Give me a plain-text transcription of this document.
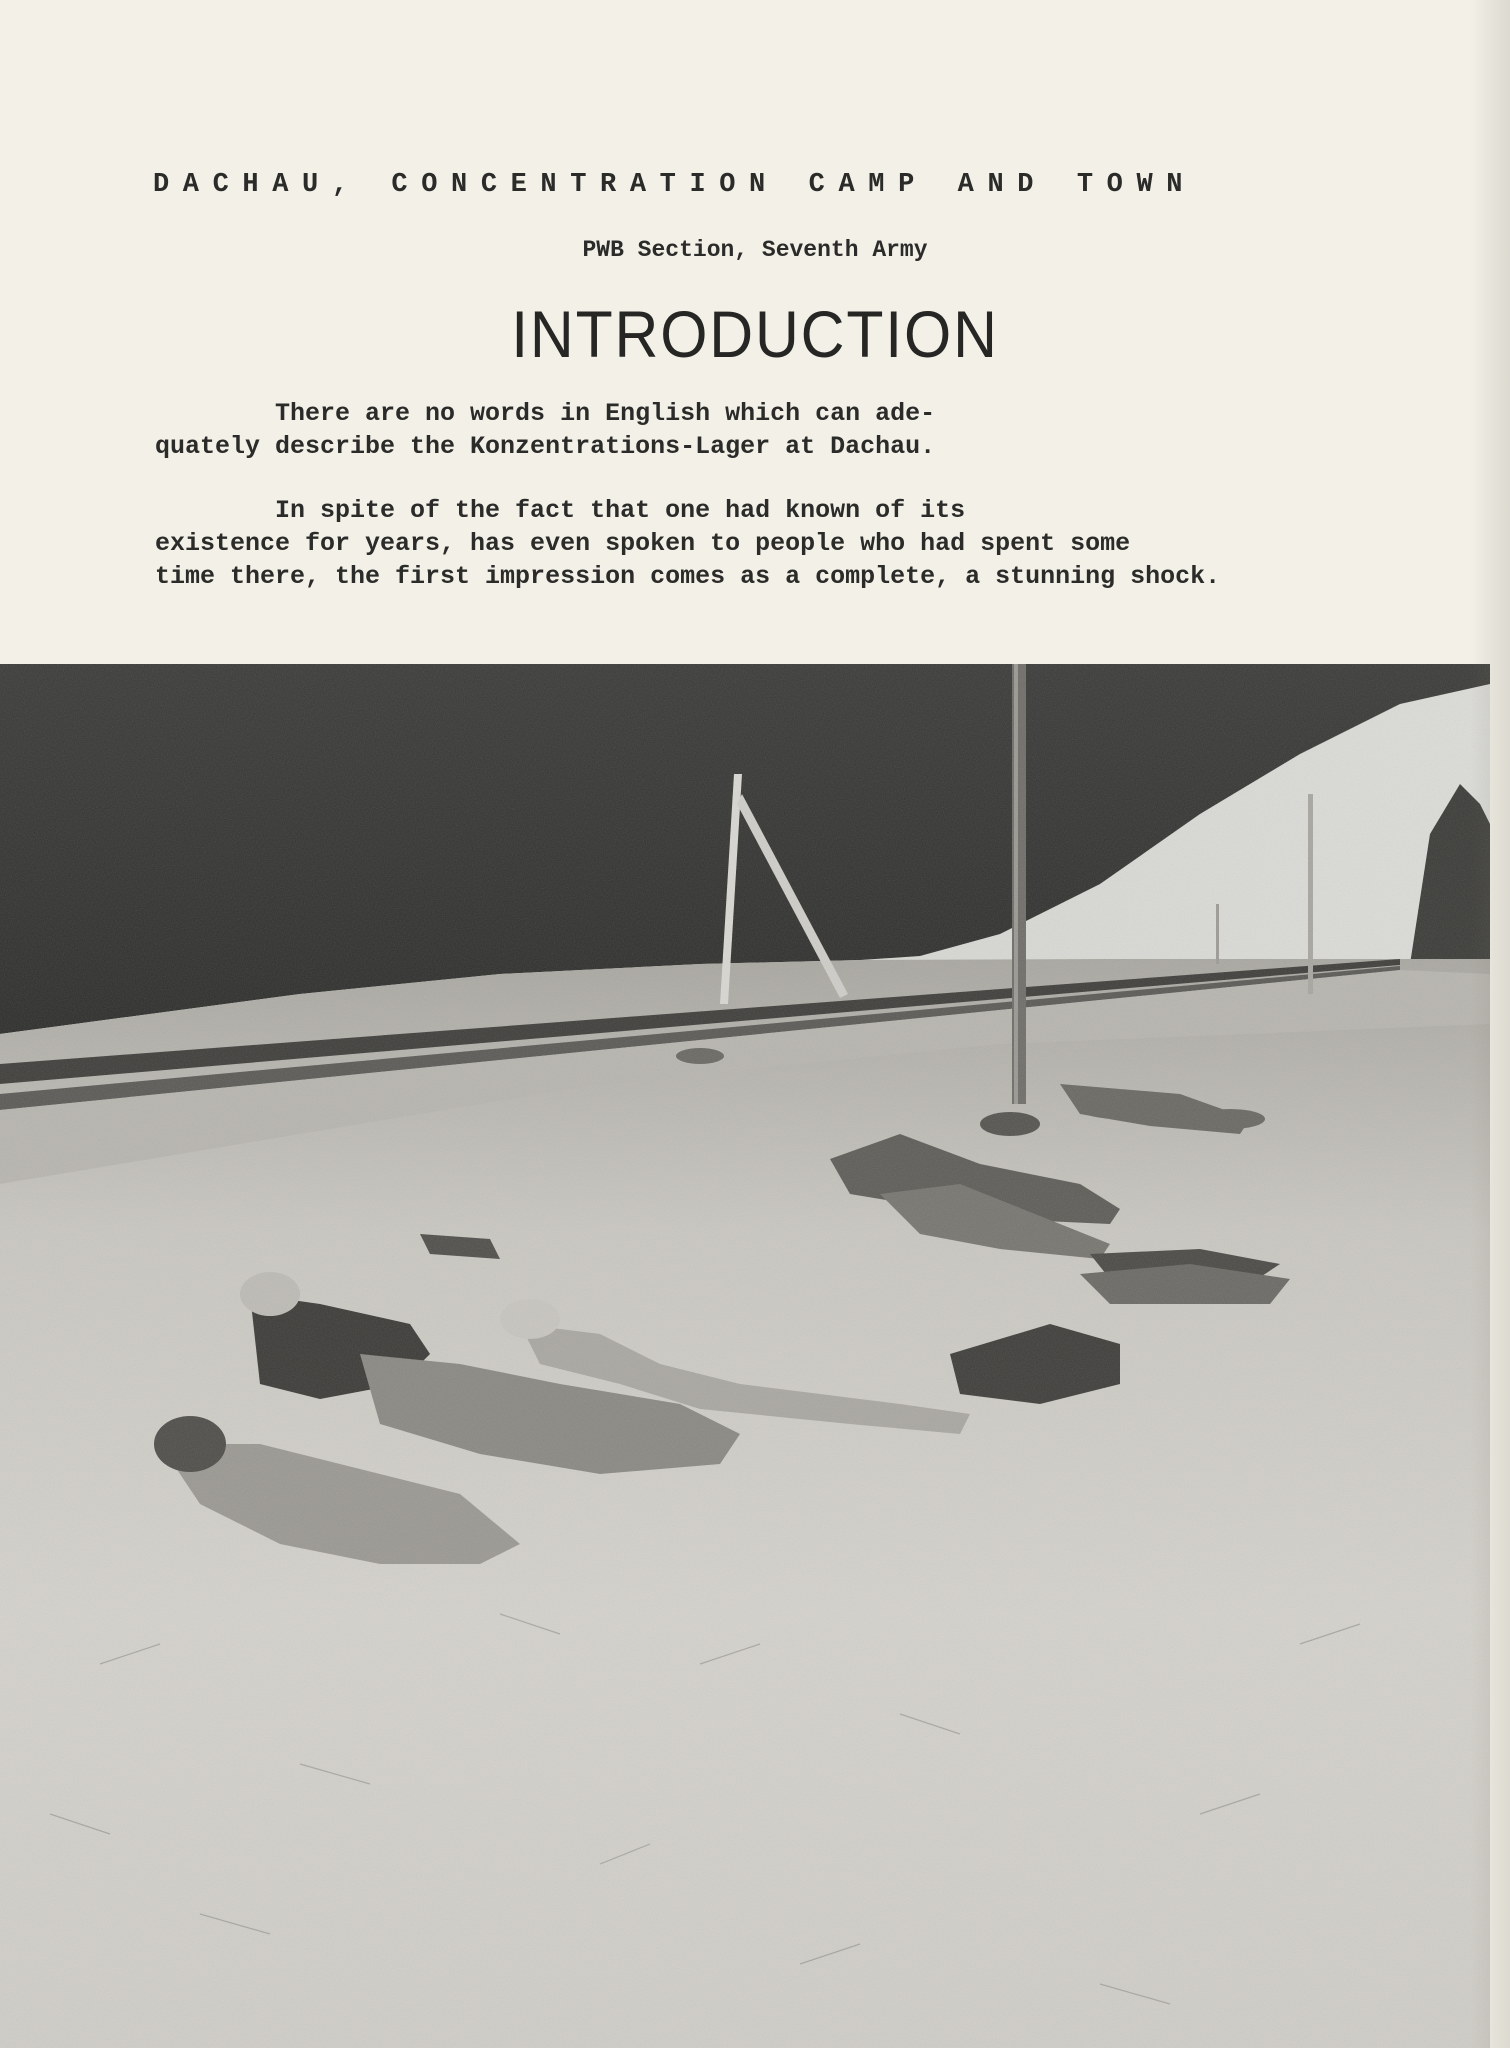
DACHAU, CONCENTRATION CAMP AND TOWN
PWB Section, Seventh Army
INTRODUCTION
There are no words in English which can ade-
quately describe the Konzentrations-Lager at Dachau.
In spite of the fact that one had known of its
existence for years, has even spoken to people who had spent some
time there, the first impression comes as a complete, a stunning shock.
